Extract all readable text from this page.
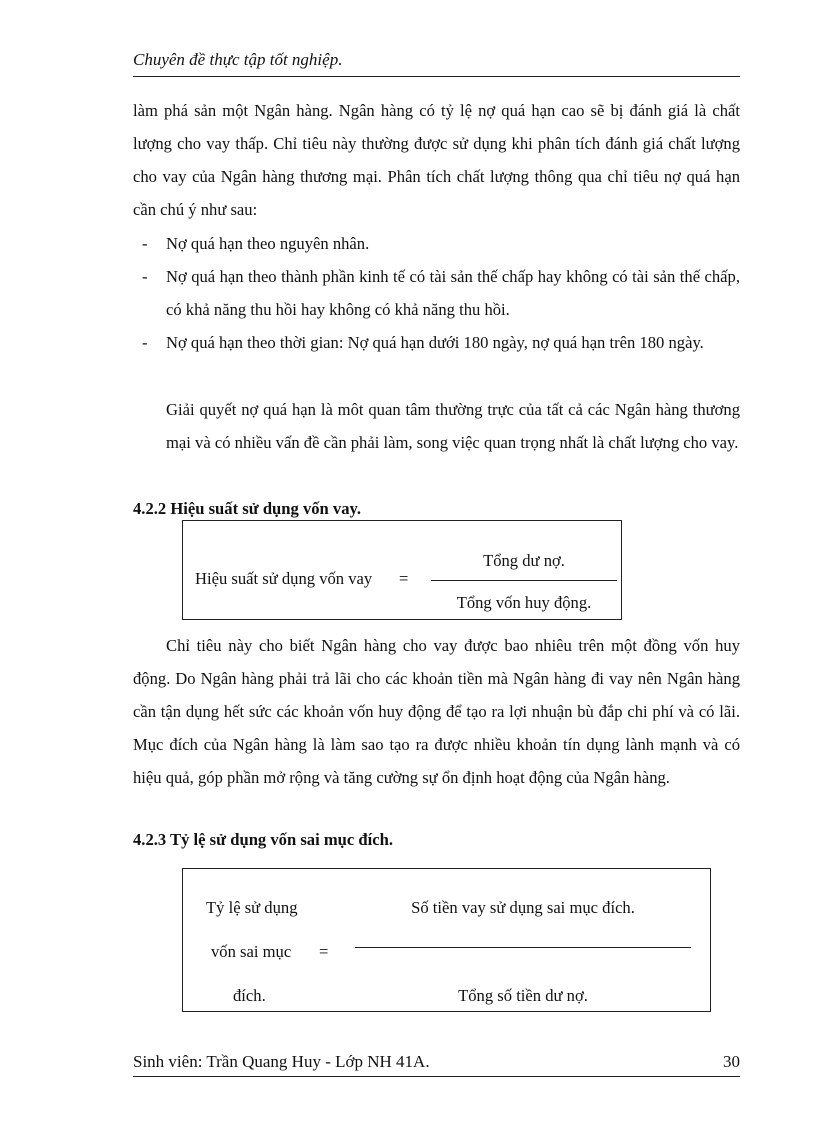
Chuyên đề thực tập tốt nghiệp.
làm phá sản một Ngân hàng. Ngân hàng có tỷ lệ nợ quá hạn cao sẽ bị đánh giá là chất lượng cho vay thấp. Chỉ tiêu này thường được sử dụng khi phân tích đánh giá chất lượng cho vay của Ngân hàng thương mại. Phân tích chất lượng thông qua chỉ tiêu nợ quá hạn cần chú ý như sau:
- Nợ quá hạn theo nguyên nhân.
- Nợ quá hạn theo thành phần kinh tế có tài sản thế chấp hay không có tài sản thế chấp, có khả năng thu hồi hay không có khả năng thu hồi.
- Nợ quá hạn theo thời gian: Nợ quá hạn dưới 180 ngày, nợ quá hạn trên 180 ngày.
Giải quyết nợ quá hạn là môt quan tâm thường trực của tất cả các Ngân hàng thương mại và có nhiều vấn đề cần phải làm, song việc quan trọng nhất là chất lượng cho vay.
4.2.2 Hiệu suất sử dụng vốn vay.
Hiệu suất sử dụng vốn vay =
Tổng dư nợ.
Tổng vốn huy động.
Chỉ tiêu này cho biết Ngân hàng cho vay được bao nhiêu trên một đồng vốn huy động. Do Ngân hàng phải trả lãi cho các khoản tiền mà Ngân hàng đi vay nên Ngân hàng cần tận dụng hết sức các khoản vốn huy động để tạo ra lợi nhuận bù đắp chi phí và có lãi. Mục đích của Ngân hàng là làm sao tạo ra được nhiều khoản tín dụng lành mạnh và có hiệu quả, góp phần mở rộng và tăng cường sự ổn định hoạt động của Ngân hàng.
4.2.3 Tỷ lệ sử dụng vốn sai mục đích.
Tỷ lệ sử dụng
vốn sai mục =
đích.
Số tiền vay sử dụng sai mục đích.
Tổng số tiền dư nợ.
Sinh viên: Trần Quang Huy - Lớp NH 41A.	30
